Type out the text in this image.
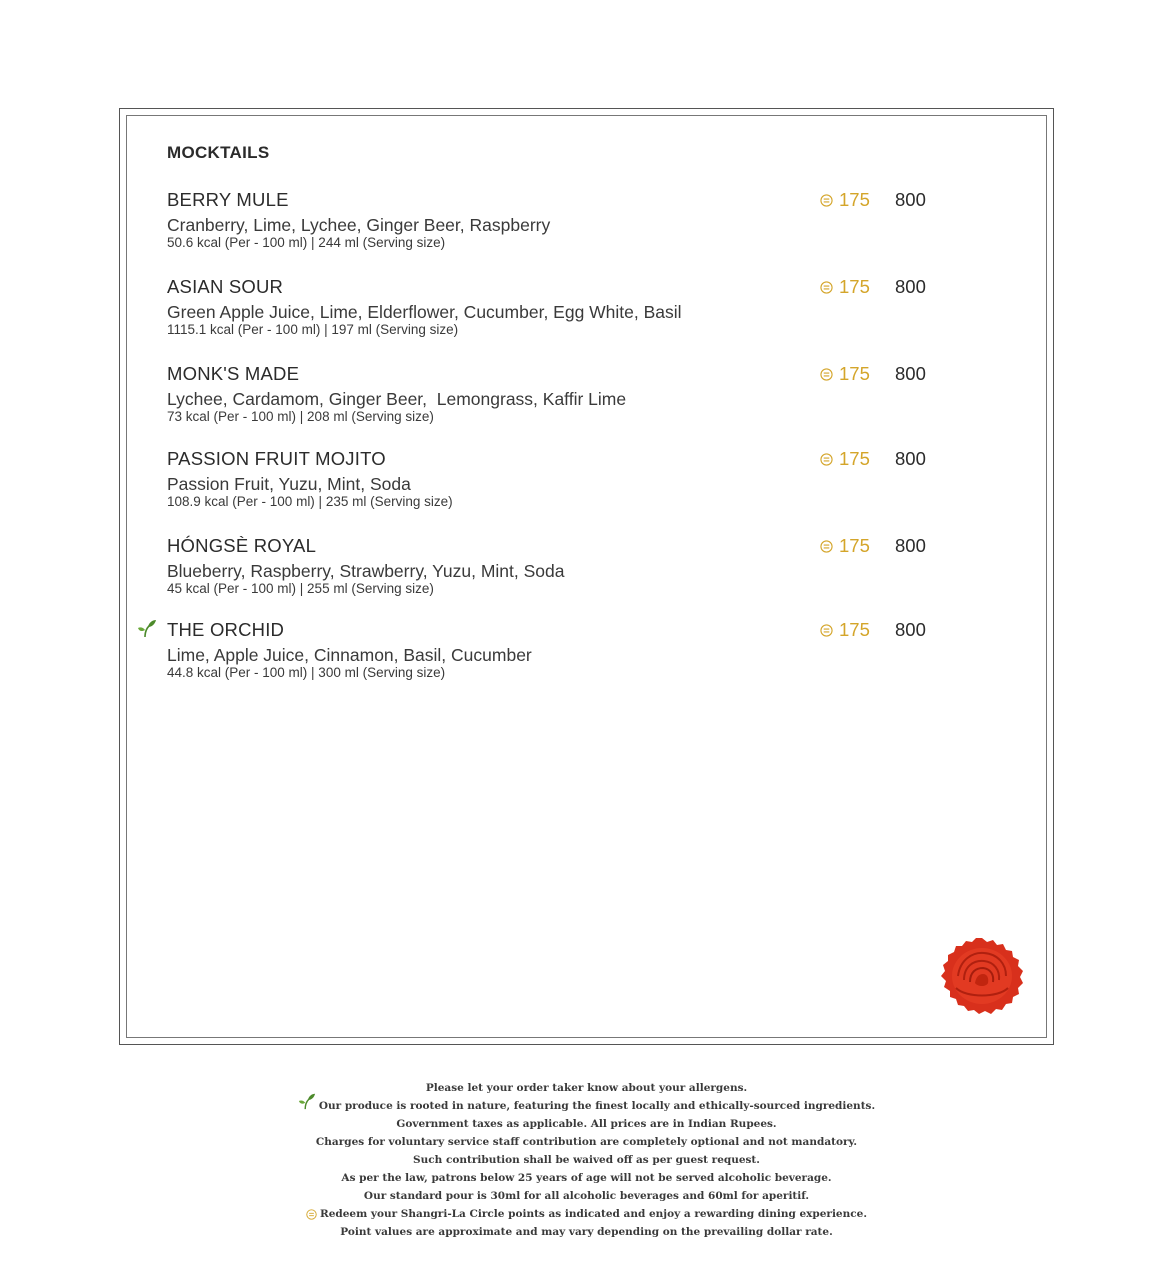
MOCKTAILS
BERRY MULE
Cranberry, Lime, Lychee, Ginger Beer, Raspberry
50.6 kcal (Per - 100 ml) | 244 ml (Serving size)
175 800
ASIAN SOUR
Green Apple Juice, Lime, Elderflower, Cucumber, Egg White, Basil
1115.1 kcal (Per - 100 ml) | 197 ml (Serving size)
175 800
MONK'S MADE
Lychee, Cardamom, Ginger Beer,  Lemongrass, Kaffir Lime
73 kcal (Per - 100 ml) | 208 ml (Serving size)
175 800
PASSION FRUIT MOJITO
Passion Fruit, Yuzu, Mint, Soda
108.9 kcal (Per - 100 ml) | 235 ml (Serving size)
175 800
HÓNGSÈ ROYAL
Blueberry, Raspberry, Strawberry, Yuzu, Mint, Soda
45 kcal (Per - 100 ml) | 255 ml (Serving size)
175 800
THE ORCHID
Lime, Apple Juice, Cinnamon, Basil, Cucumber
44.8 kcal (Per - 100 ml) | 300 ml (Serving size)
175 800
Please let your order taker know about your allergens.
Our produce is rooted in nature, featuring the finest locally and ethically-sourced ingredients.
Government taxes as applicable. All prices are in Indian Rupees.
Charges for voluntary service staff contribution are completely optional and not mandatory.
Such contribution shall be waived off as per guest request.
As per the law, patrons below 25 years of age will not be served alcoholic beverage.
Our standard pour is 30ml for all alcoholic beverages and 60ml for aperitif.
Redeem your Shangri-La Circle points as indicated and enjoy a rewarding dining experience.
Point values are approximate and may vary depending on the prevailing dollar rate.
